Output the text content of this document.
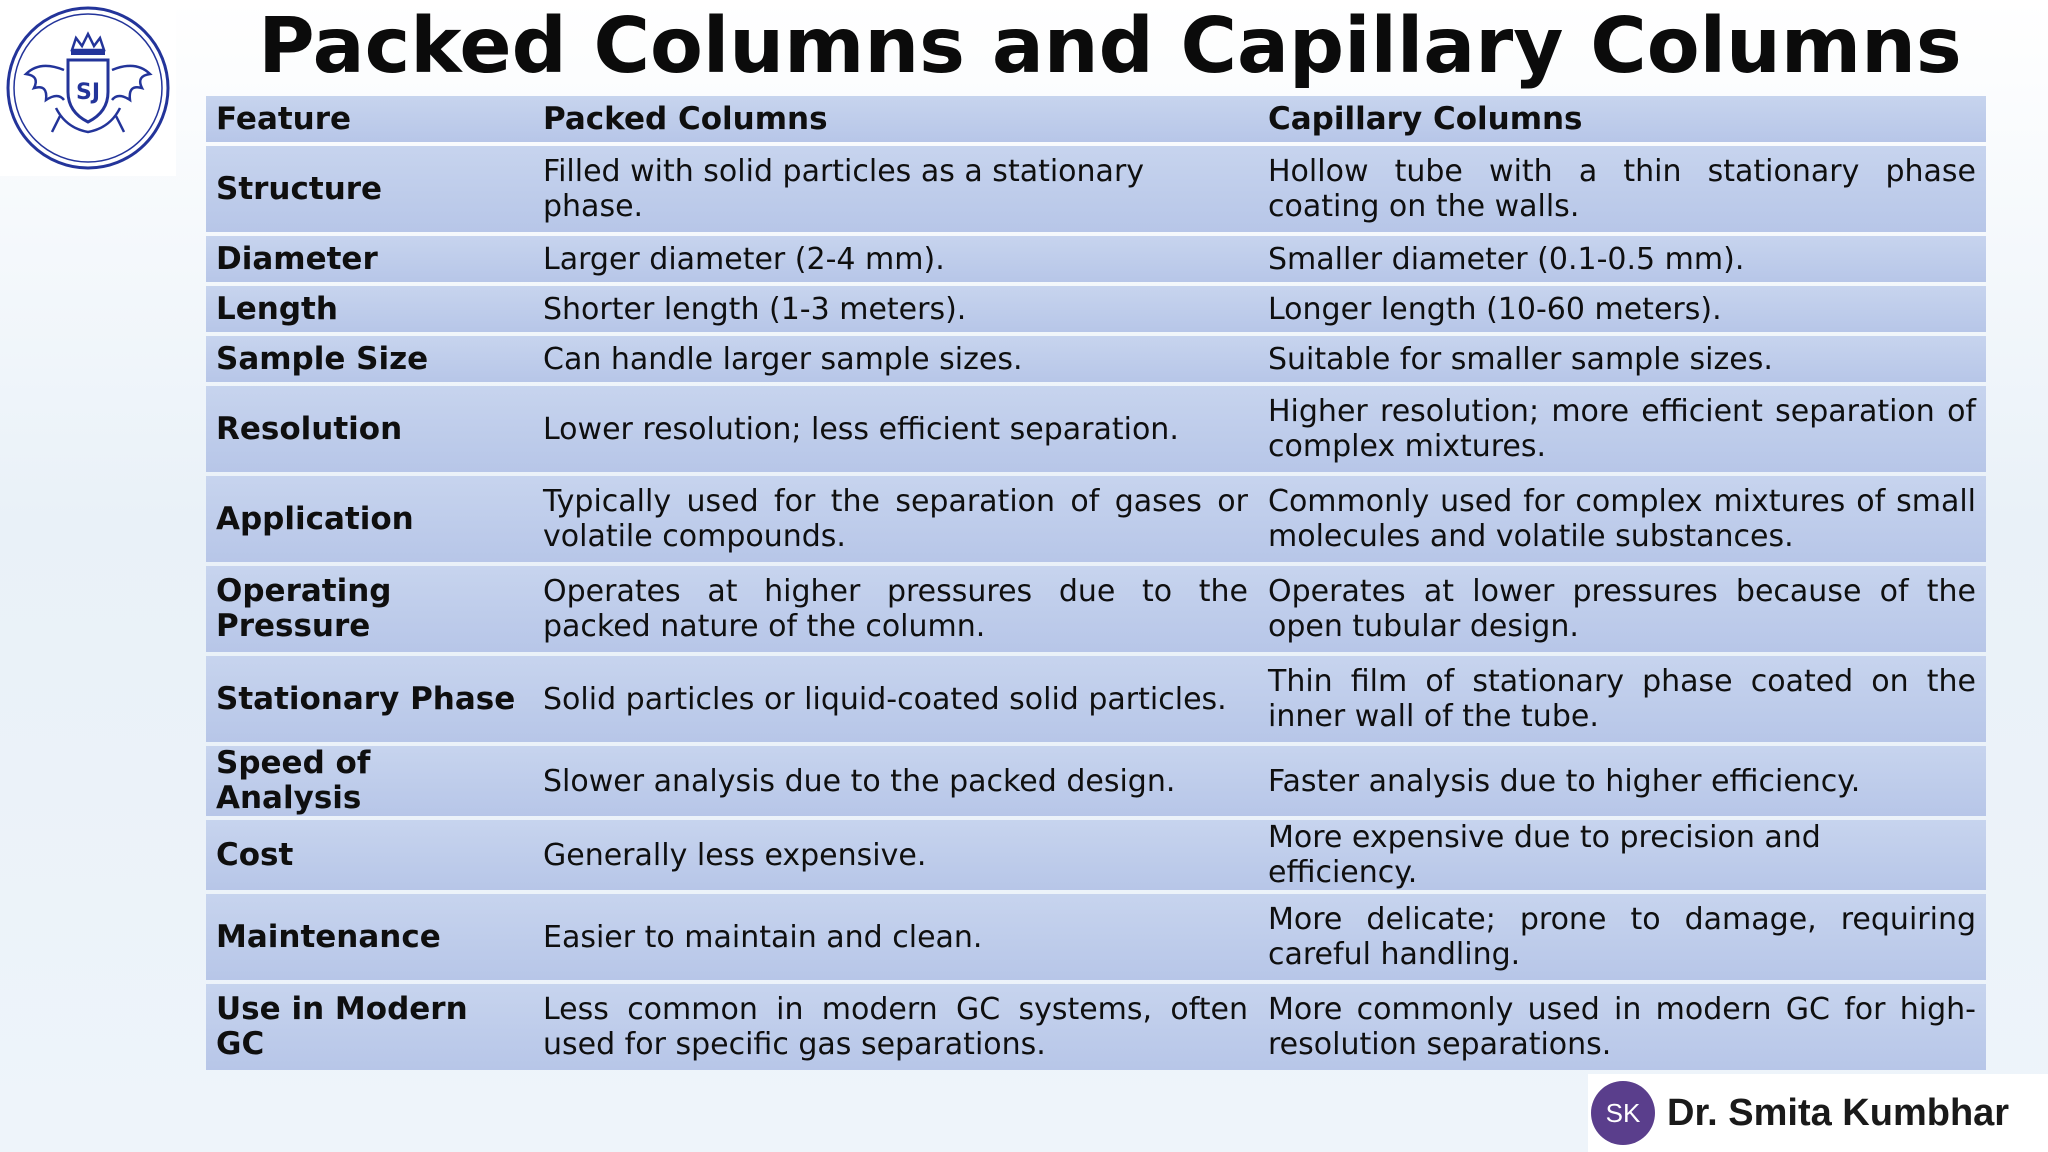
SJ
Packed Columns and Capillary Columns
Feature	Packed Columns	Capillary Columns
Structure	Filled with solid particles as a stationary phase.	Hollow tube with a thin stationary phase coating on the walls.
Diameter	Larger diameter (2-4 mm).	Smaller diameter (0.1-0.5 mm).
Length	Shorter length (1-3 meters).	Longer length (10-60 meters).
Sample Size	Can handle larger sample sizes.	Suitable for smaller sample sizes.
Resolution	Lower resolution; less efficient separation.	Higher resolution; more efficient separation of complex mixtures.
Application	Typically used for the separation of gases or volatile compounds.	Commonly used for complex mixtures of small molecules and volatile substances.
Operating Pressure	Operates at higher pressures due to the packed nature of the column.	Operates at lower pressures because of the open tubular design.
Stationary Phase	Solid particles or liquid-coated solid particles.	Thin film of stationary phase coated on the inner wall of the tube.
Speed of Analysis	Slower analysis due to the packed design.	Faster analysis due to higher efficiency.
Cost	Generally less expensive.	More expensive due to precision and efficiency.
Maintenance	Easier to maintain and clean.	More delicate; prone to damage, requiring careful handling.
Use in Modern GC	Less common in modern GC systems, often used for specific gas separations.	More commonly used in modern GC for high-resolution separations.
SK Dr. Smita Kumbhar
